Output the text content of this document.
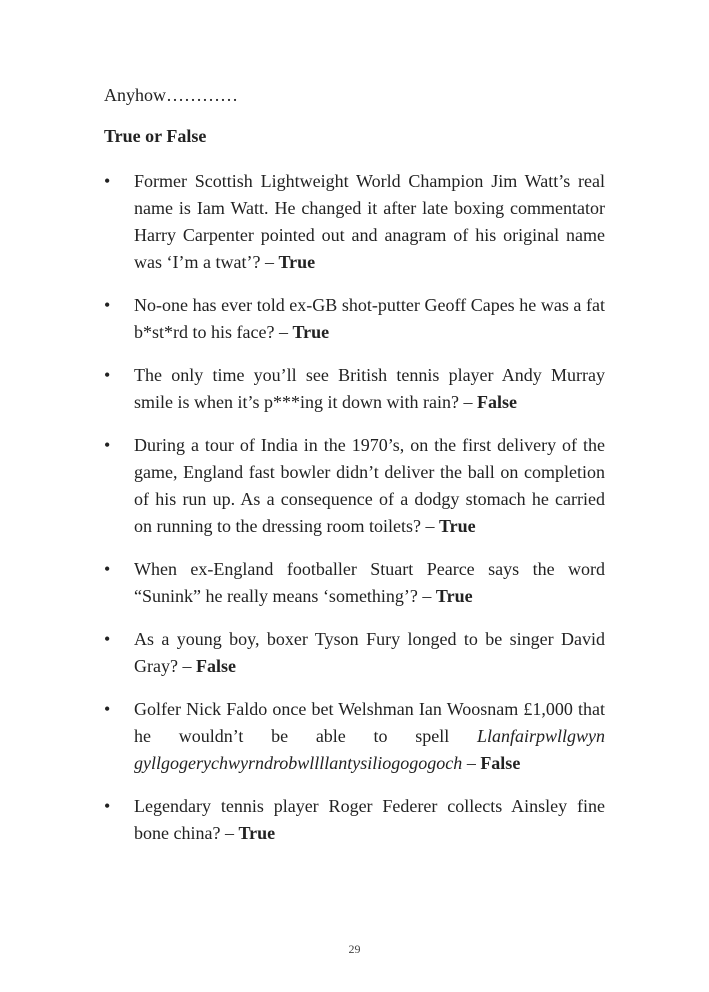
Anyhow…………

True or False

• Former Scottish Lightweight World Champion Jim Watt’s real name is Iam Watt. He changed it after late boxing commentator Harry Carpenter pointed out and anagram of his original name was ‘I’m a twat’? – True
• No-one has ever told ex-GB shot-putter Geoff Capes he was a fat b*st*rd to his face? – True
• The only time you’ll see British tennis player Andy Murray smile is when it’s p***ing it down with rain? – False
• During a tour of India in the 1970’s, on the first delivery of the game, England fast bowler didn’t deliver the ball on completion of his run up. As a consequence of a dodgy stomach he carried on running to the dressing room toilets? – True
• When ex-England footballer Stuart Pearce says the word “Sunink” he really means ‘something’? – True
• As a young boy, boxer Tyson Fury longed to be singer David Gray? – False
• Golfer Nick Faldo once bet Welshman Ian Woosnam £1,000 that he wouldn’t be able to spell Llanfairpwllgwyn gyllgogerychwyrndrobwllllantysiliogogogoch – False
• Legendary tennis player Roger Federer collects Ainsley fine bone china? – True
29
